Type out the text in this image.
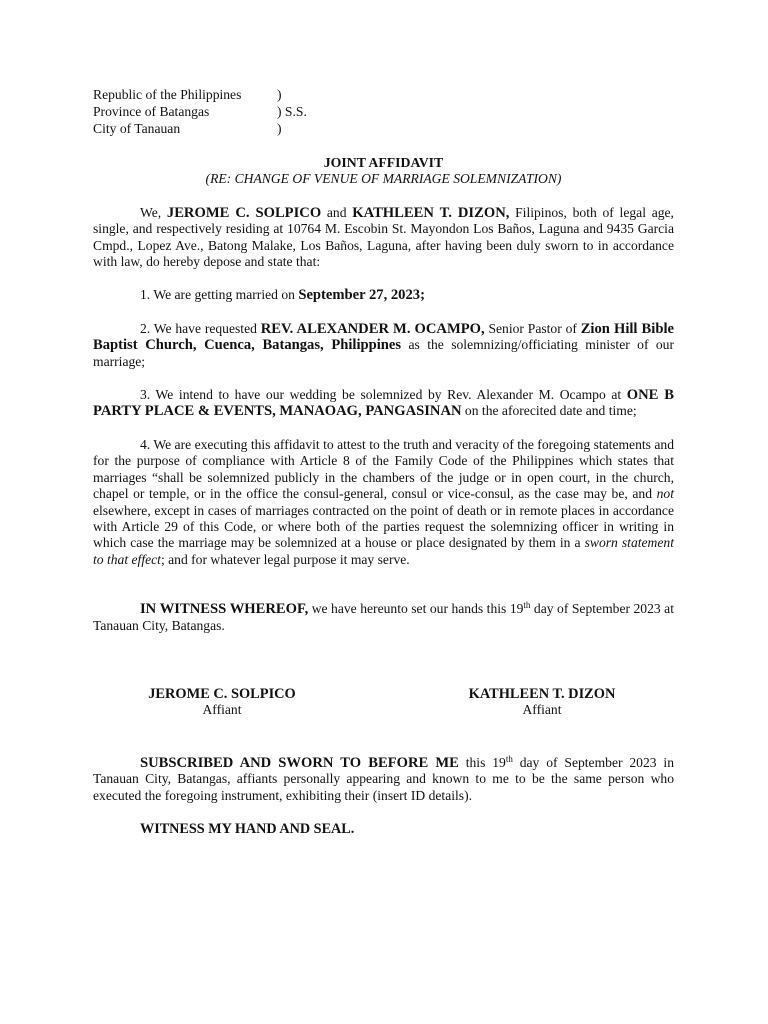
Republic of the Philippines	)
Province of Batangas	) S.S.
City of Tanauan	)
JOINT AFFIDAVIT
(RE: CHANGE OF VENUE OF MARRIAGE SOLEMNIZATION)

We, JEROME C. SOLPICO and KATHLEEN T. DIZON, Filipinos, both of legal age, single, and respectively residing at 10764 M. Escobin St. Mayondon Los Baños, Laguna and 9435 Garcia Cmpd., Lopez Ave., Batong Malake, Los Baños, Laguna, after having been duly sworn to in accordance with law, do hereby depose and state that:

1. We are getting married on September 27, 2023;

2. We have requested REV. ALEXANDER M. OCAMPO, Senior Pastor of Zion Hill Bible Baptist Church, Cuenca, Batangas, Philippines as the solemnizing/officiating minister of our marriage;

3. We intend to have our wedding be solemnized by Rev. Alexander M. Ocampo at ONE B PARTY PLACE & EVENTS, MANAOAG, PANGASINAN on the aforecited date and time;

4. We are executing this affidavit to attest to the truth and veracity of the foregoing statements and for the purpose of compliance with Article 8 of the Family Code of the Philippines which states that marriages “shall be solemnized publicly in the chambers of the judge or in open court, in the church, chapel or temple, or in the office the consul-general, consul or vice-consul, as the case may be, and not elsewhere, except in cases of marriages contracted on the point of death or in remote places in accordance with Article 29 of this Code, or where both of the parties request the solemnizing officer in writing in which case the marriage may be solemnized at a house or place designated by them in a sworn statement to that effect; and for whatever legal purpose it may serve.

IN WITNESS WHEREOF, we have hereunto set our hands this 19th day of September 2023 at Tanauan City, Batangas.

JEROME C. SOLPICO
Affiant
KATHLEEN T. DIZON
Affiant

SUBSCRIBED AND SWORN TO BEFORE ME this 19th day of September 2023 in Tanauan City, Batangas, affiants personally appearing and known to me to be the same person who executed the foregoing instrument, exhibiting their (insert ID details).

WITNESS MY HAND AND SEAL.
